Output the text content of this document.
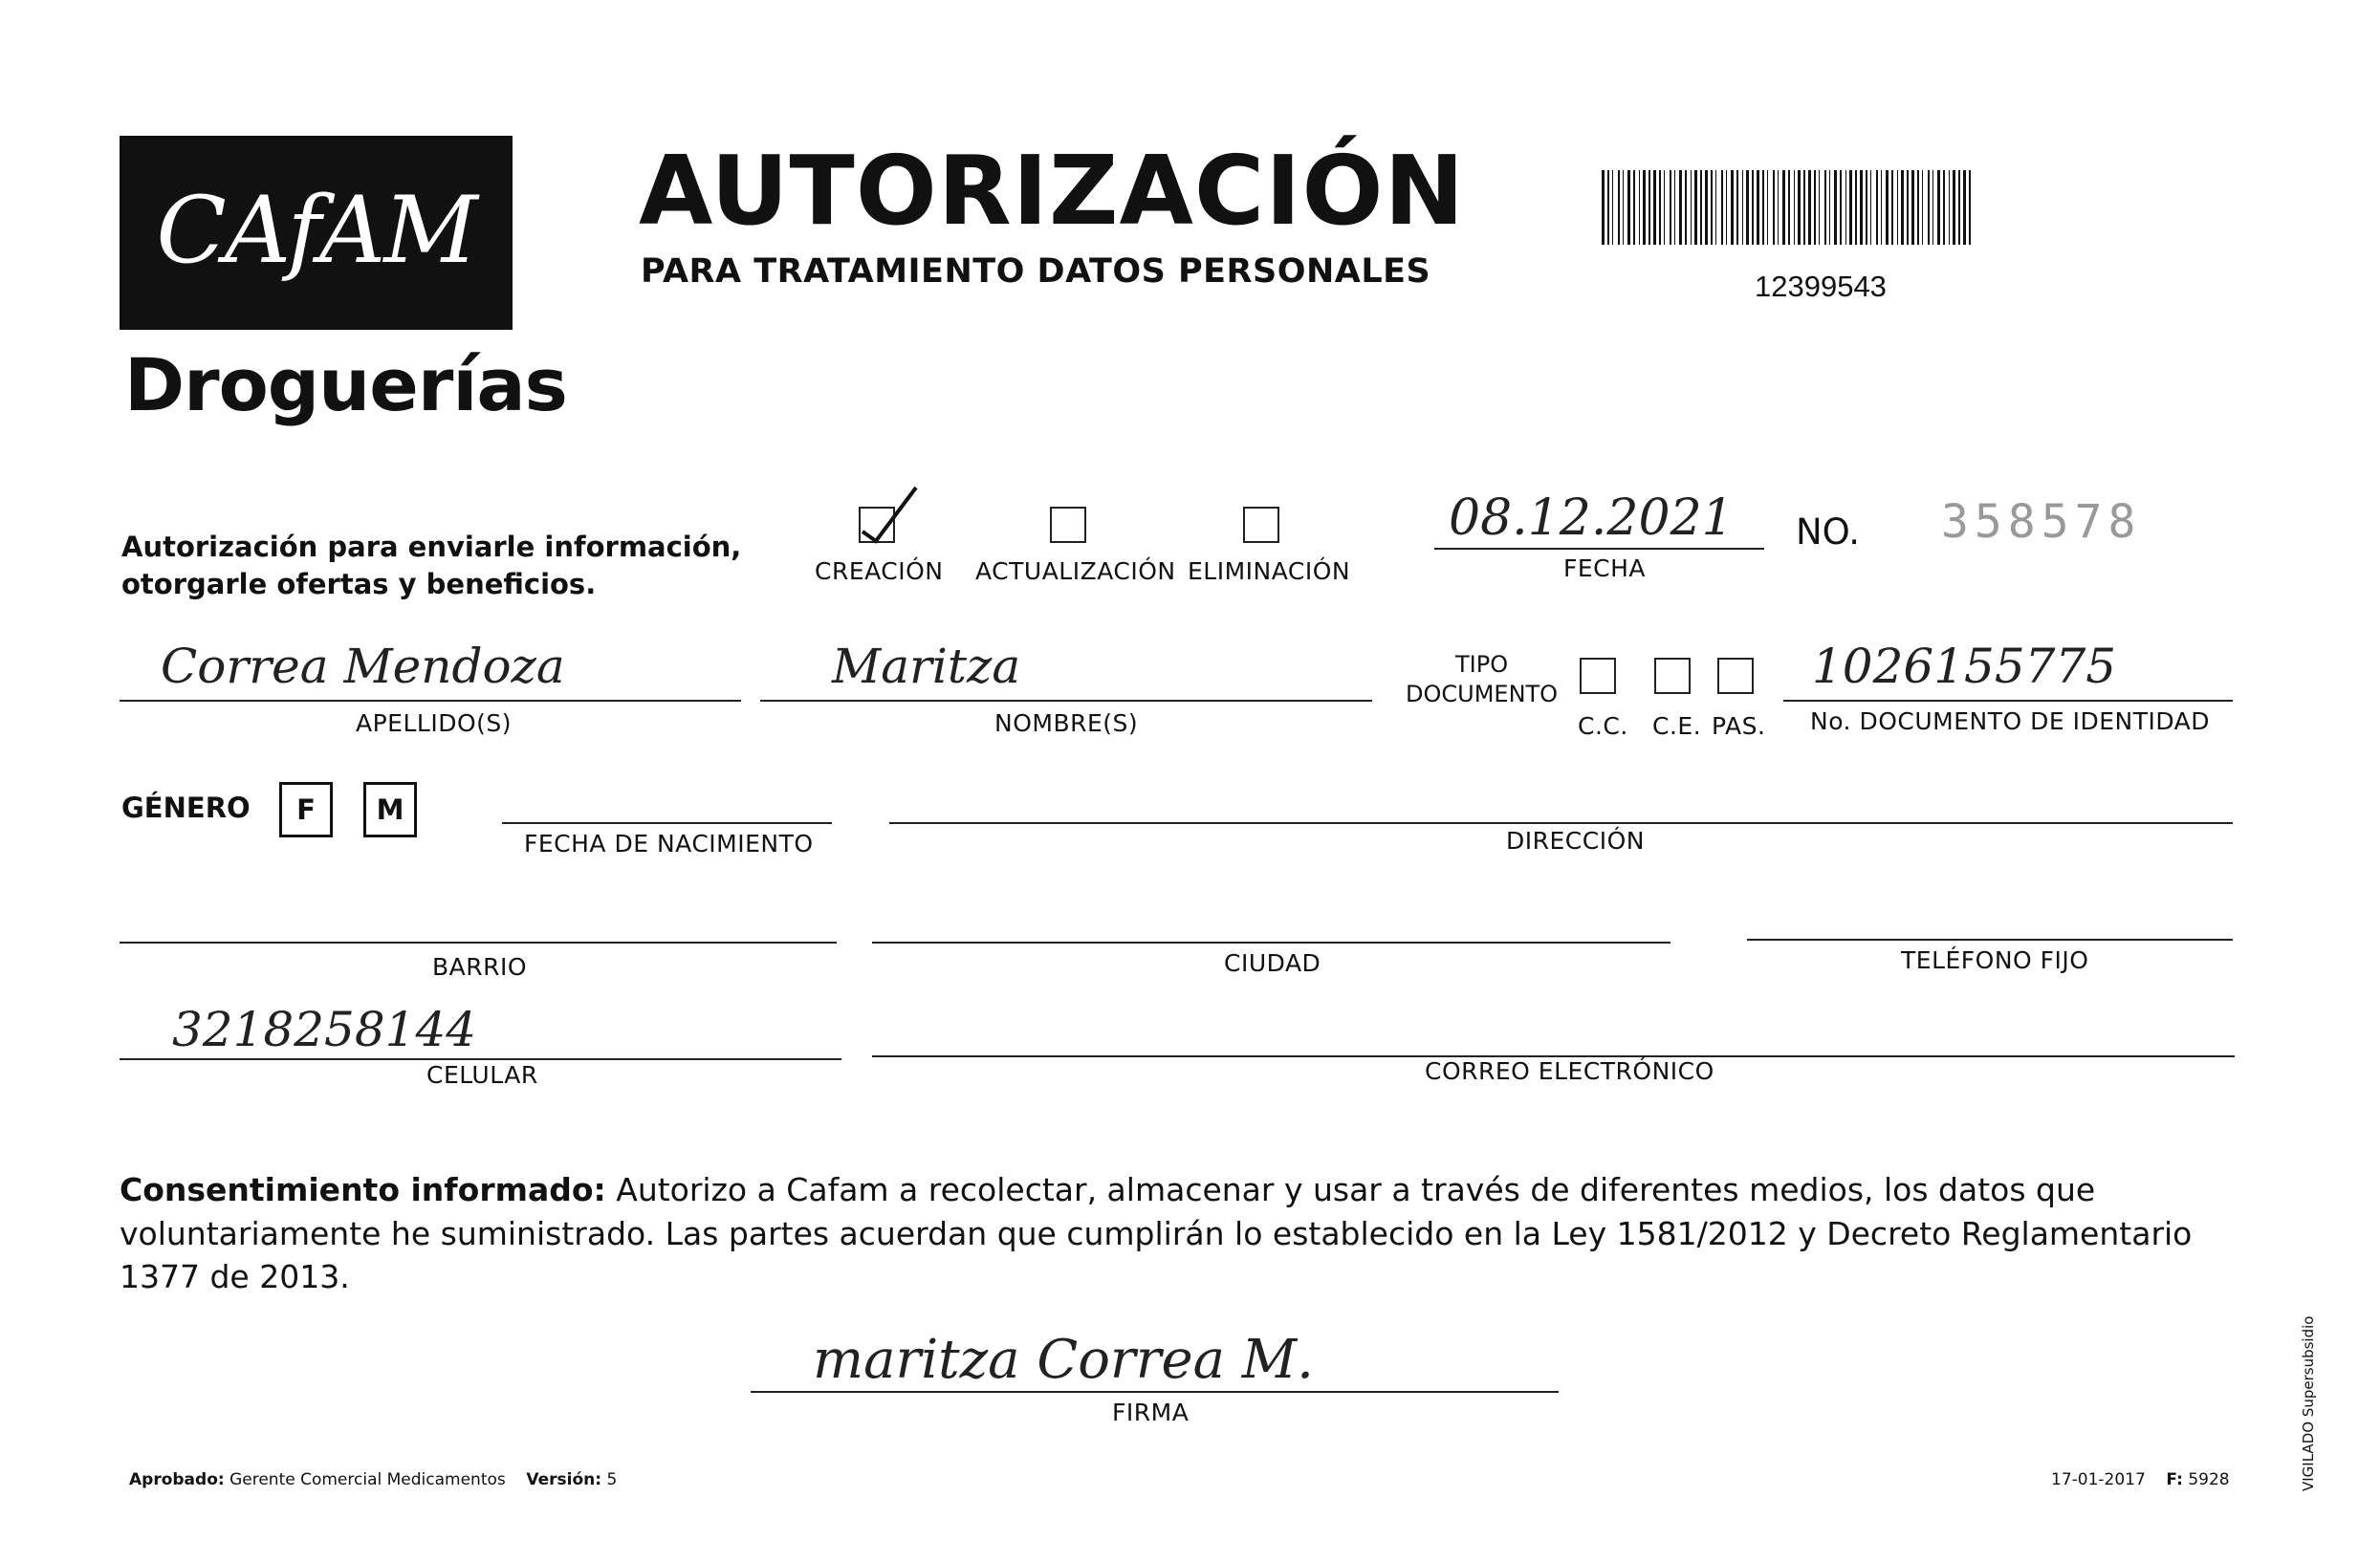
CAfAM
Droguerías
AUTORIZACIÓN
PARA TRATAMIENTO DATOS PERSONALES	12399543
Autorización para enviarle información,
otorgarle ofertas y beneficios.	CREACIÓN ACTUALIZACIÓN ELIMINACIÓN
08.12.2021
FECHA
NO. 358578
Correa Mendoza
APELLIDO(S)
Maritza
NOMBRE(S)
TIPO
DOCUMENTO
C.C. C.E. PAS.
1026155775
No. DOCUMENTO DE IDENTIDAD
GÉNERO	F	M
FECHA DE NACIMIENTO	DIRECCIÓN
BARRIO	CIUDAD	TELÉFONO FIJO
3218258144
CELULAR	CORREO ELECTRÓNICO
Consentimiento informado: Autorizo a Cafam a recolectar, almacenar y usar a través de diferentes medios, los datos que voluntariamente he suministrado. Las partes acuerdan que cumplirán lo establecido en la Ley 1581/2012 y Decreto Reglamentario 1377 de 2013.
maritza Correa M.
FIRMA
Aprobado: Gerente Comercial Medicamentos Versión: 5	17-01-2017 F: 5928	VIGILADO Supersubsidio
